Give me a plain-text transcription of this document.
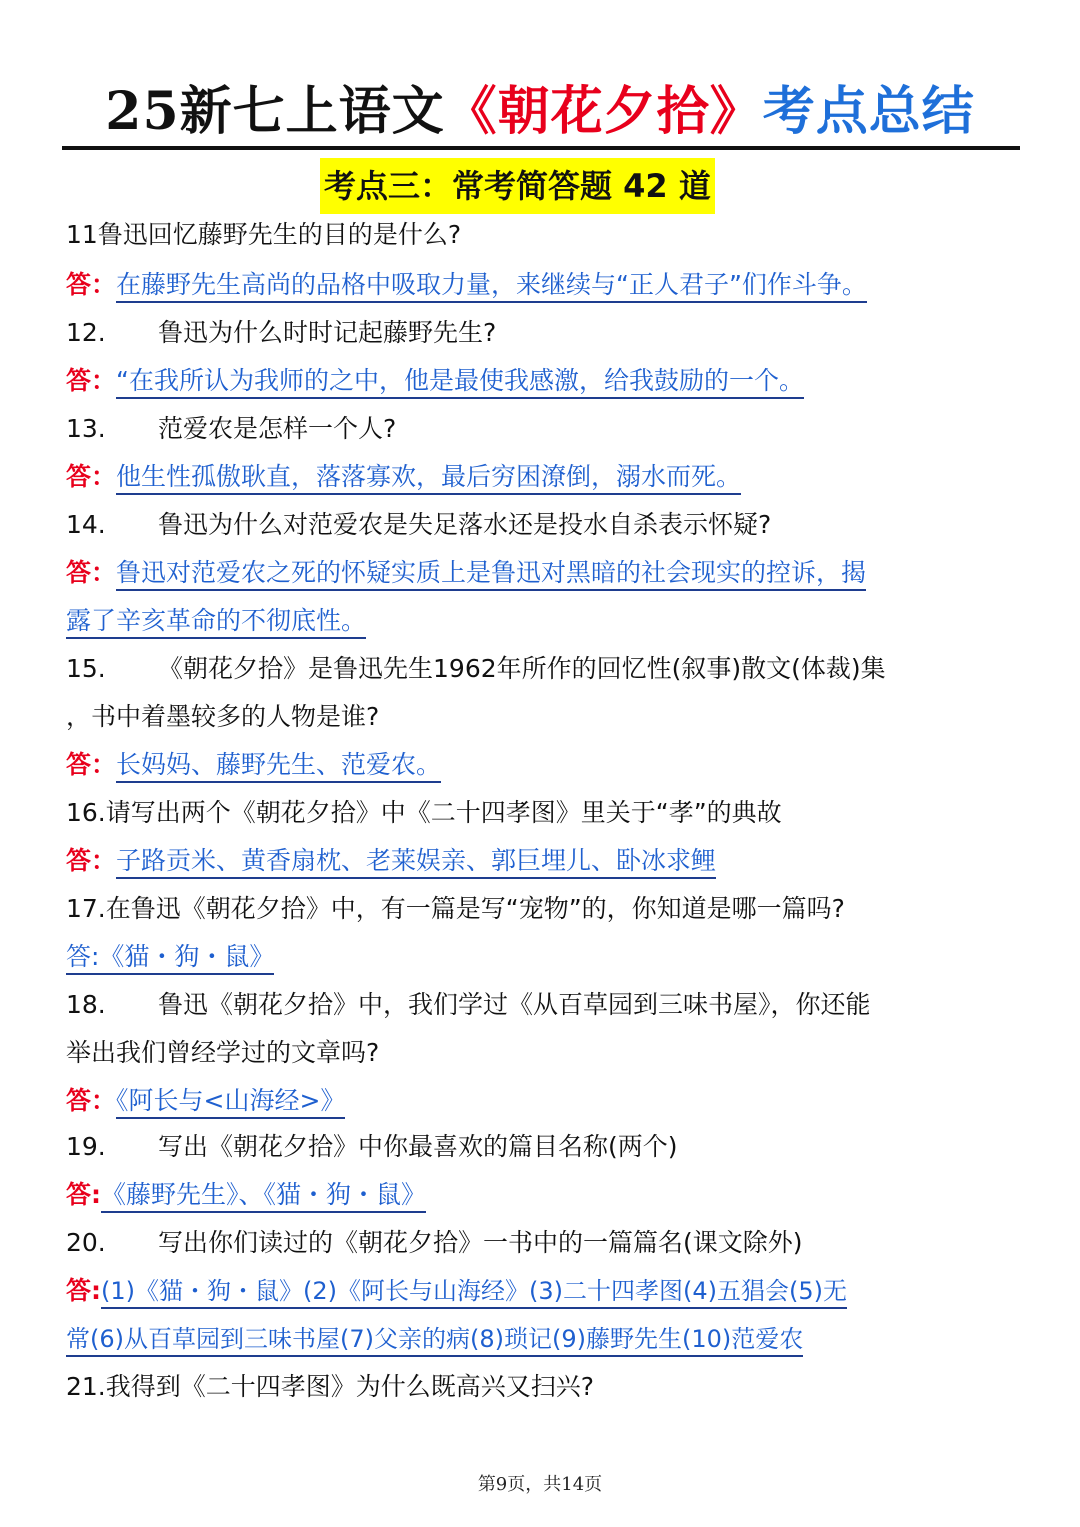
25新七上语文《朝花夕拾》考点总结
考点三：常考简答题 42 道
11鲁迅回忆藤野先生的目的是什么?
答：在藤野先生高尚的品格中吸取力量，来继续与“正人君子”们作斗争。
12. 鲁迅为什么时时记起藤野先生?
答：“在我所认为我师的之中，他是最使我感激，给我鼓励的一个。
13. 范爱农是怎样一个人?
答：他生性孤傲耿直，落落寡欢，最后穷困潦倒，溺水而死。
14. 鲁迅为什么对范爱农是失足落水还是投水自杀表示怀疑?
答：鲁迅对范爱农之死的怀疑实质上是鲁迅对黑暗的社会现实的控诉，揭
露了辛亥革命的不彻底性。
15. 《朝花夕拾》是鲁迅先生1962年所作的回忆性(叙事)散文(体裁)集
，书中着墨较多的人物是谁?
答：长妈妈、藤野先生、范爱农。
16.请写出两个《朝花夕拾》中《二十四孝图》里关于“孝”的典故
答：子路贡米、黄香扇枕、老莱娱亲、郭巨埋儿、卧冰求鲤
17.在鲁迅《朝花夕拾》中，有一篇是写“宠物”的，你知道是哪一篇吗?
答:《猫・狗・鼠》
18. 鲁迅《朝花夕拾》中，我们学过《从百草园到三味书屋》，你还能
举出我们曾经学过的文章吗?
答：《阿长与<山海经>》
19. 写出《朝花夕拾》中你最喜欢的篇目名称(两个)
答:《藤野先生》、《猫・狗・鼠》
20. 写出你们读过的《朝花夕拾》一书中的一篇篇名(课文除外)
答:(1)《猫・狗・鼠》(2)《阿长与山海经》(3)二十四孝图(4)五猖会(5)无
常(6)从百草园到三味书屋(7)父亲的病(8)琐记(9)藤野先生(10)范爱农
21.我得到《二十四孝图》为什么既高兴又扫兴?
第9页，共14页
